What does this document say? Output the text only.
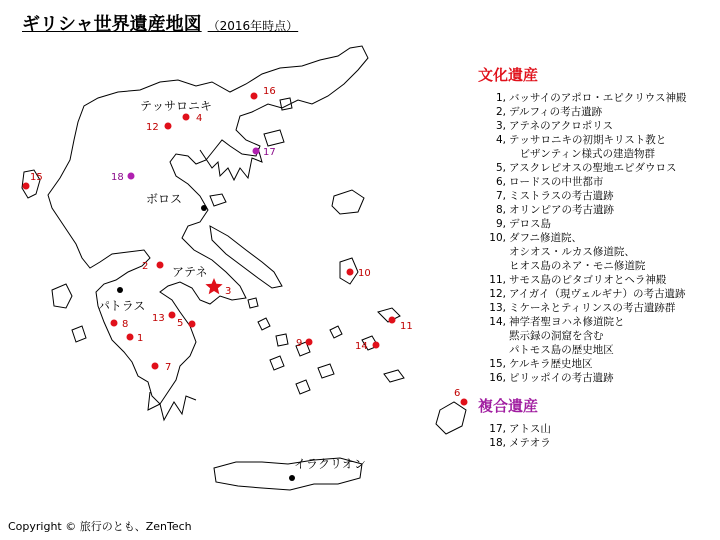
ギリシャ世界遺産地図 （2016年時点）
テッサロニキ
ボロス
アテネ
パトラス
イラクリオン
1
2
3
4
5
6
7
8
9
10
11
12
13
14
15
16
17
18
文化遺産
1, バッサイのアポロ・エピクリウス神殿
2, デルフィの考古遺跡
3, アテネのアクロポリス
4, テッサロニキの初期キリスト教と
　ビザンティン様式の建造物群
5, アスクレピオスの聖地エピダウロス
6, ロードスの中世都市
7, ミストラスの考古遺跡
8, オリンピアの考古遺跡
9, デロス島
10, ダフニ修道院、
オシオス・ルカス修道院、
ヒオス島のネア・モニ修道院
11, サモス島のピタゴリオとヘラ神殿
12, アイガイ（現ヴェルギナ）の考古遺跡
13, ミケーネとティリンスの考古遺跡群
14, 神学者聖ヨハネ修道院と
黙示録の洞窟を含む
パトモス島の歴史地区
15, ケルキラ歴史地区
16, ピリッポイの考古遺跡
複合遺産
17, アトス山
18, メテオラ
Copyright © 旅行のとも、ZenTech
